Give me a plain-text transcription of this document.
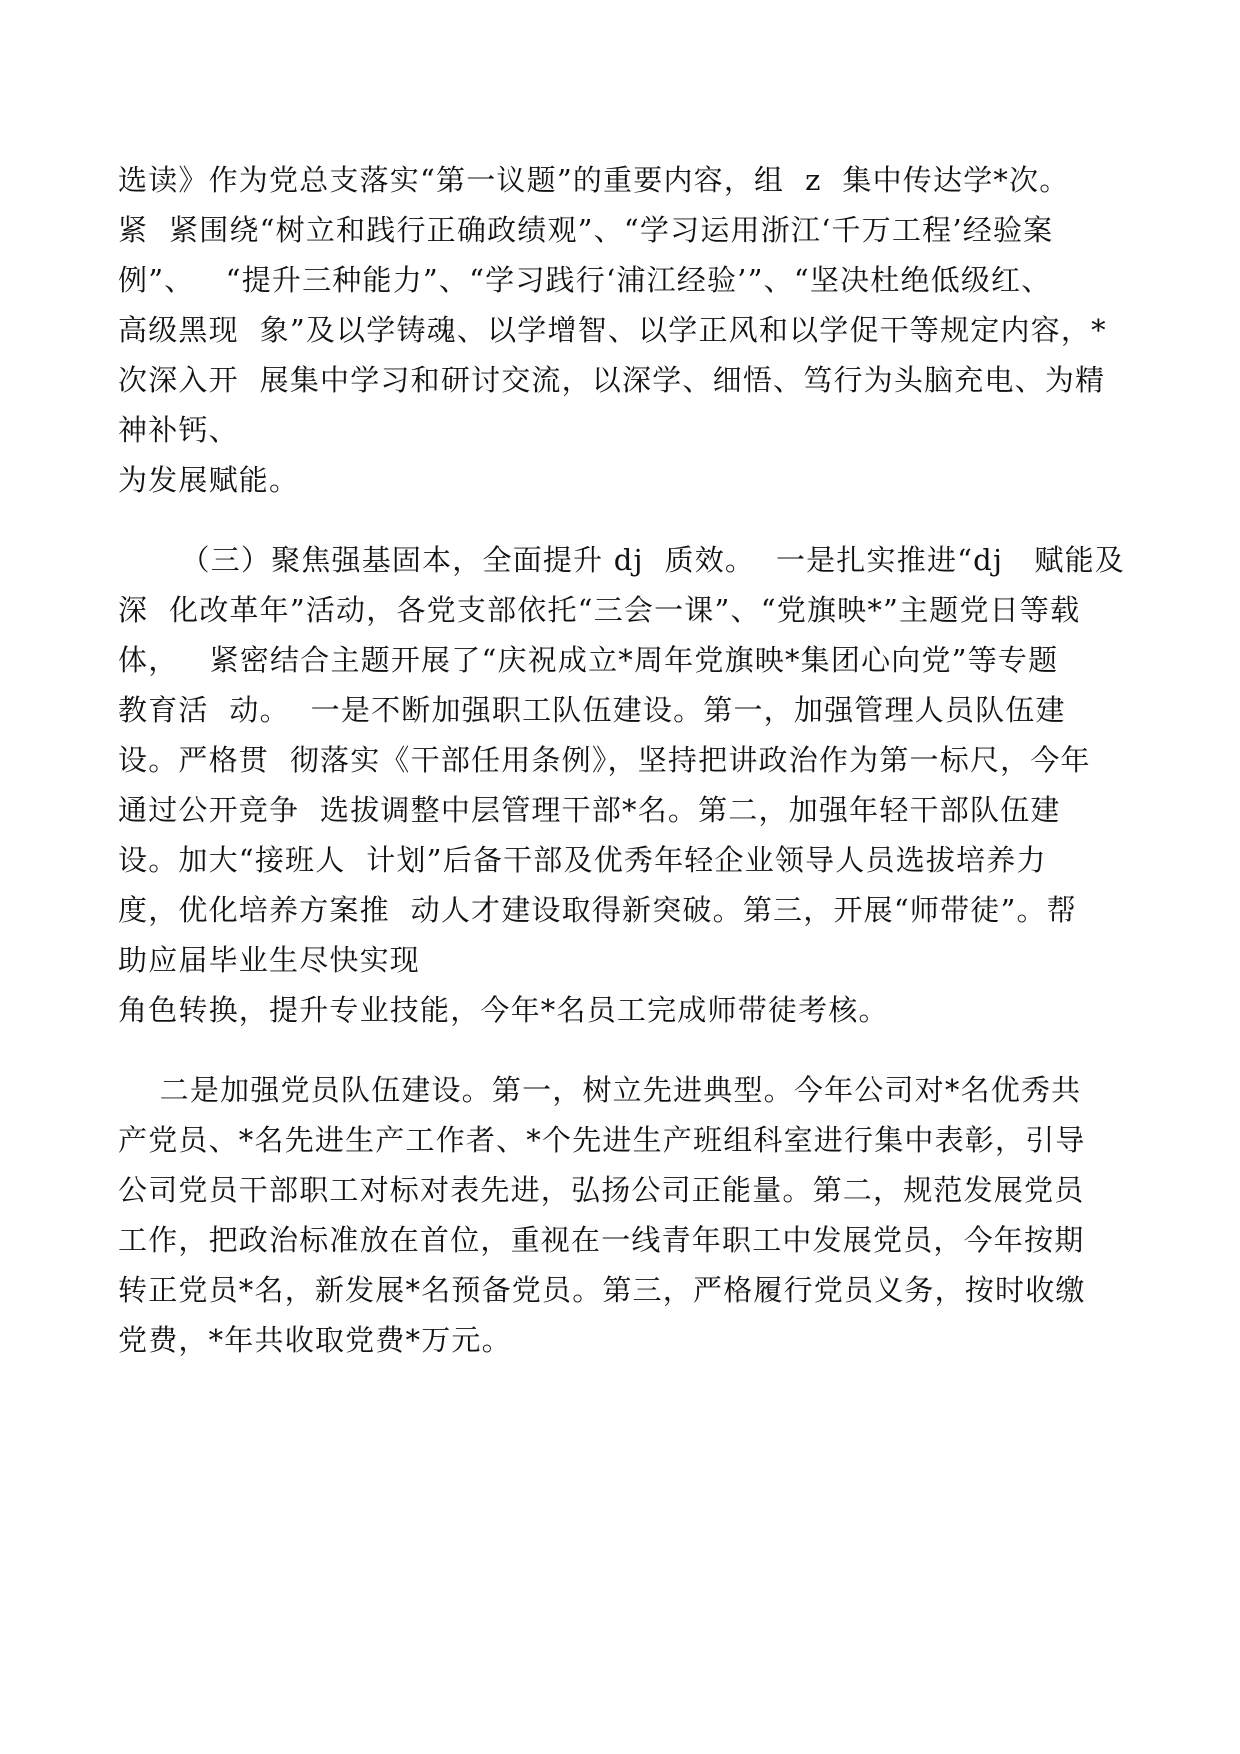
选读》作为党总支落实“第一议题”的重要内容，组  z  集中传达学*次。

紧  紧围绕“树立和践行正确政绩观”、“学习运用浙江‘千万工程’经验案

例”、   “提升三种能力”、“学习践行‘浦江经验’”、“坚决杜绝低级红、

高级黑现  象”及以学铸魂、以学增智、以学正风和以学促干等规定内容，*

次深入开  展集中学习和研讨交流，以深学、细悟、笃行为头脑充电、为精

神补钙、

为发展赋能。

（三）聚焦强基固本，全面提升 dj  质效。  一是扎实推进“dj   赋能及

深  化改革年”活动，各党支部依托“三会一课”、“党旗映*”主题党日等载

体，   紧密结合主题开展了“庆祝成立*周年党旗映*集团心向党”等专题

教育活  动。  一是不断加强职工队伍建设。第一，加强管理人员队伍建

设。严格贯  彻落实《干部任用条例》，坚持把讲政治作为第一标尺，今年

通过公开竞争  选拔调整中层管理干部*名。第二，加强年轻干部队伍建

设。加大“接班人  计划”后备干部及优秀年轻企业领导人员选拔培养力

度，优化培养方案推  动人才建设取得新突破。第三，开展“师带徒”。帮

助应届毕业生尽快实现

角色转换，提升专业技能，今年*名员工完成师带徒考核。

二是加强党员队伍建设。第一，树立先进典型。今年公司对*名优秀共

产党员、*名先进生产工作者、*个先进生产班组科室进行集中表彰，引导

公司党员干部职工对标对表先进，弘扬公司正能量。第二，规范发展党员

工作，把政治标准放在首位，重视在一线青年职工中发展党员，今年按期

转正党员*名，新发展*名预备党员。第三，严格履行党员义务，按时收缴

党费，*年共收取党费*万元。
